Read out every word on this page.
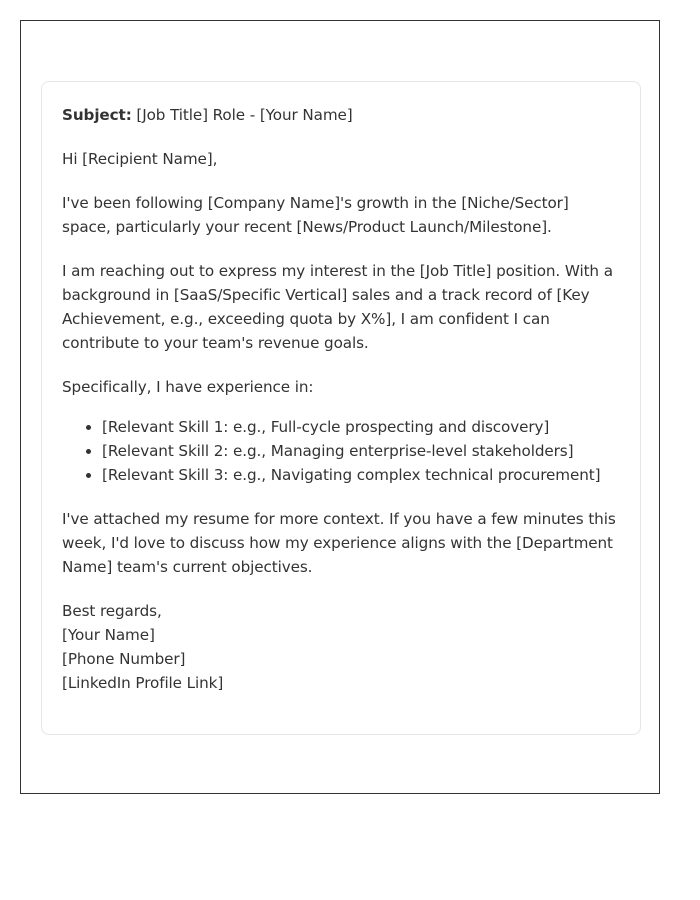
Subject: [Job Title] Role - [Your Name]

Hi [Recipient Name],

I've been following [Company Name]'s growth in the [Niche/Sector] space, particularly your recent [News/Product Launch/Milestone].

I am reaching out to express my interest in the [Job Title] position. With a background in [SaaS/Specific Vertical] sales and a track record of [Key Achievement, e.g., exceeding quota by X%], I am confident I can contribute to your team's revenue goals.

Specifically, I have experience in:

• [Relevant Skill 1: e.g., Full-cycle prospecting and discovery]
• [Relevant Skill 2: e.g., Managing enterprise-level stakeholders]
• [Relevant Skill 3: e.g., Navigating complex technical procurement]

I've attached my resume for more context. If you have a few minutes this week, I'd love to discuss how my experience aligns with the [Department Name] team's current objectives.

Best regards,

[Your Name]

[Phone Number]

[LinkedIn Profile Link]
